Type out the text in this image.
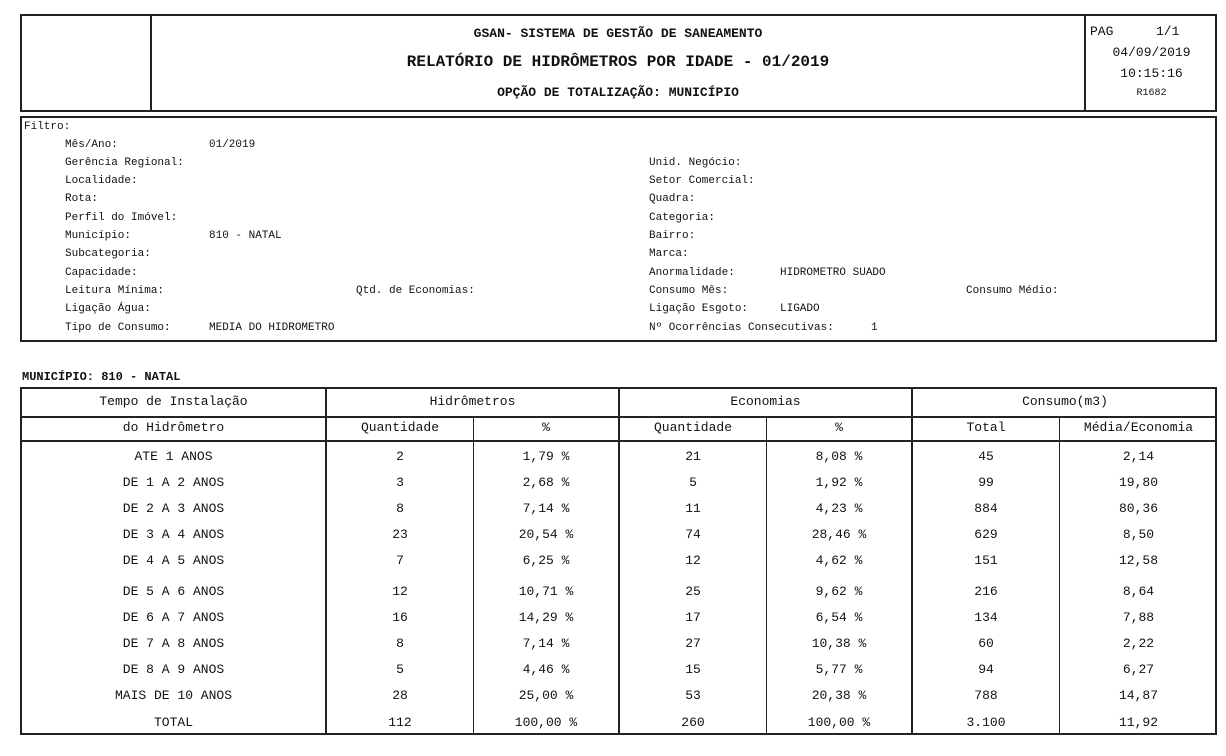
GSAN- SISTEMA DE GESTÃO DE SANEAMENTO
RELATÓRIO DE HIDRÔMETROS POR IDADE - 01/2019
OPÇÃO DE TOTALIZAÇÃO: MUNICÍPIO
PAG	1/1
04/09/2019
10:15:16
R1682
Filtro:
Mês/Ano:	01/2019
Gerência Regional:	Unid. Negócio:
Localidade:	Setor Comercial:
Rota:	Quadra:
Perfil do Imóvel:	Categoria:
Município:	810 - NATAL	Bairro:
Subcategoria:	Marca:
Capacidade:	Anormalidade:	HIDROMETRO SUADO
Leitura Mínima:	Qtd. de Economias:	Consumo Mês:	Consumo Médio:
Ligação Água:	Ligação Esgoto:	LIGADO
Tipo de Consumo:	MEDIA DO HIDROMETRO	Nº Ocorrências Consecutivas:	1
MUNICÍPIO: 810 - NATAL
Tempo de Instalação	Hidrômetros	Economias	Consumo(m3)
do Hidrômetro	Quantidade	%	Quantidade	%	Total	Média/Economia
ATE 1 ANOS	2	1,79 %	21	8,08 %	45	2,14
DE 1 A 2 ANOS	3	2,68 %	5	1,92 %	99	19,80
DE 2 A 3 ANOS	8	7,14 %	11	4,23 %	884	80,36
DE 3 A 4 ANOS	23	20,54 %	74	28,46 %	629	8,50
DE 4 A 5 ANOS	7	6,25 %	12	4,62 %	151	12,58
DE 5 A 6 ANOS	12	10,71 %	25	9,62 %	216	8,64
DE 6 A 7 ANOS	16	14,29 %	17	6,54 %	134	7,88
DE 7 A 8 ANOS	8	7,14 %	27	10,38 %	60	2,22
DE 8 A 9 ANOS	5	4,46 %	15	5,77 %	94	6,27
MAIS DE 10 ANOS	28	25,00 %	53	20,38 %	788	14,87
TOTAL	112	100,00 %	260	100,00 %	3.100	11,92
